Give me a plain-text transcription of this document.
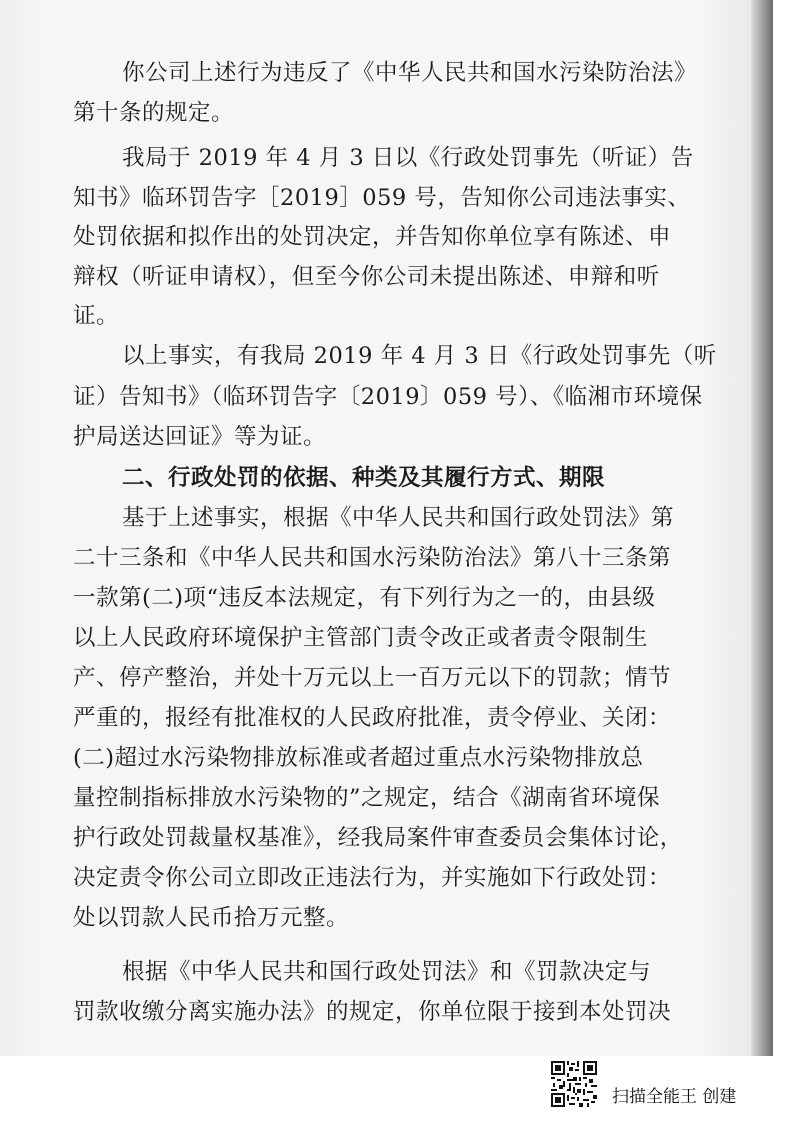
你公司上述行为违反了《中华人民共和国水污染防治法》
第十条的规定。
我局于 2019 年 4 月 3 日以《行政处罚事先（听证）告
知书》临环罚告字［2019］059 号，告知你公司违法事实、
处罚依据和拟作出的处罚决定，并告知你单位享有陈述、申
辩权（听证申请权），但至今你公司未提出陈述、申辩和听
证。
以上事实，有我局 2019 年 4 月 3 日《行政处罚事先（听
证）告知书》（临环罚告字〔2019〕059 号）、《临湘市环境保
护局送达回证》等为证。
二、行政处罚的依据、种类及其履行方式、期限
基于上述事实，根据《中华人民共和国行政处罚法》第
二十三条和《中华人民共和国水污染防治法》第八十三条第
一款第(二)项“违反本法规定，有下列行为之一的，由县级
以上人民政府环境保护主管部门责令改正或者责令限制生
产、停产整治，并处十万元以上一百万元以下的罚款；情节
严重的，报经有批准权的人民政府批准，责令停业、关闭：
(二)超过水污染物排放标准或者超过重点水污染物排放总
量控制指标排放水污染物的”之规定，结合《湖南省环境保
护行政处罚裁量权基准》，经我局案件审查委员会集体讨论，
决定责令你公司立即改正违法行为，并实施如下行政处罚：
处以罚款人民币拾万元整。
根据《中华人民共和国行政处罚法》和《罚款决定与
罚款收缴分离实施办法》的规定，你单位限于接到本处罚决
扫描全能王 创建
